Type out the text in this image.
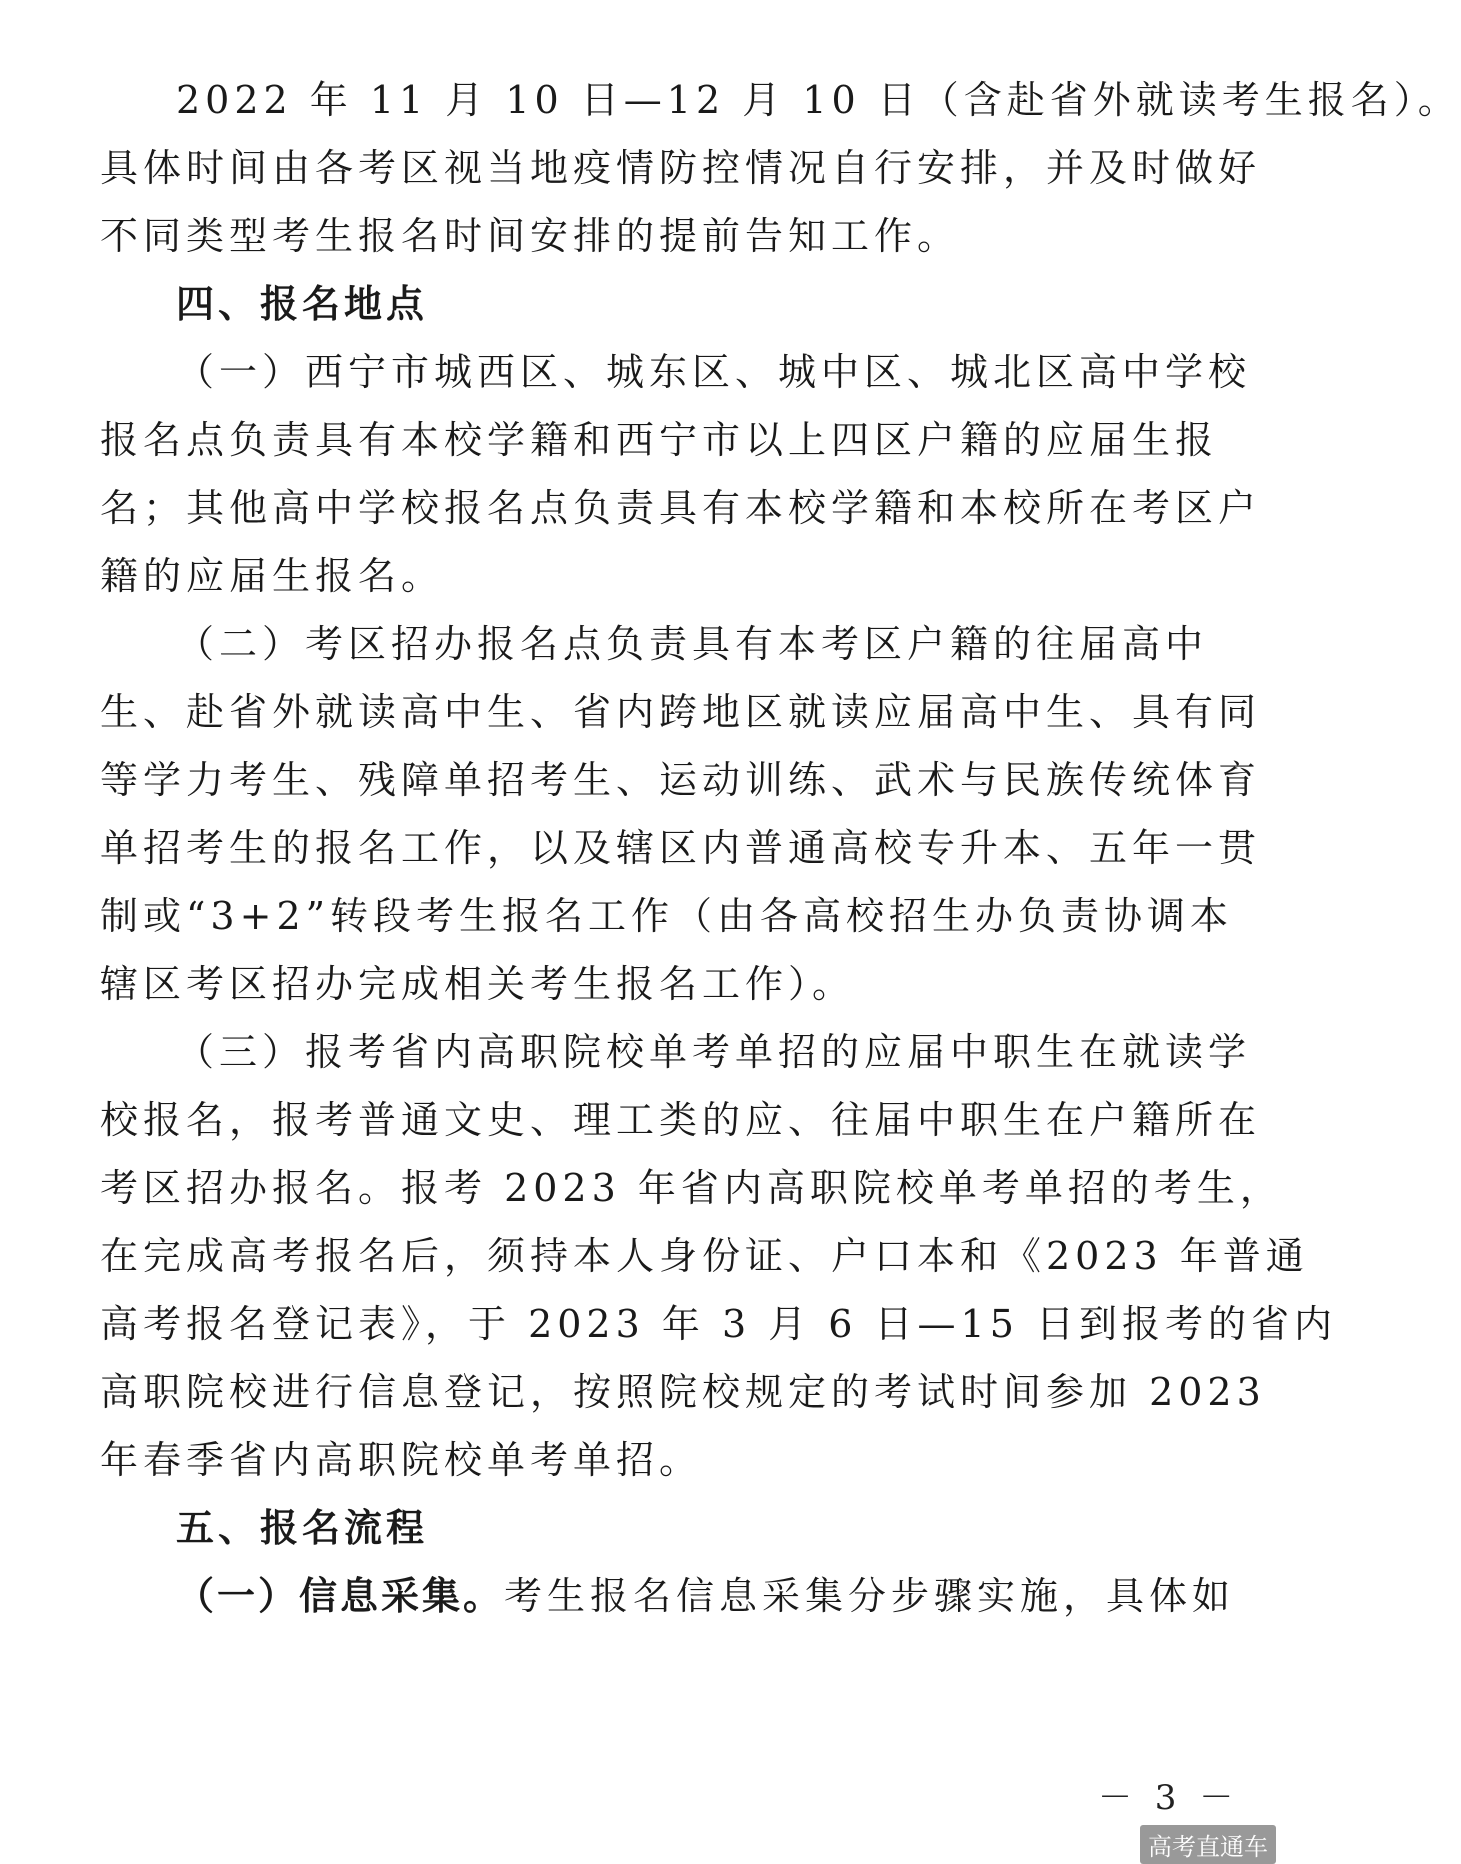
2022 年 11 月 10 日—12 月 10 日（含赴省外就读考生报名）。
具体时间由各考区视当地疫情防控情况自行安排，并及时做好
不同类型考生报名时间安排的提前告知工作。
四、报名地点
（一）西宁市城西区、城东区、城中区、城北区高中学校
报名点负责具有本校学籍和西宁市以上四区户籍的应届生报
名；其他高中学校报名点负责具有本校学籍和本校所在考区户
籍的应届生报名。
（二）考区招办报名点负责具有本考区户籍的往届高中
生、赴省外就读高中生、省内跨地区就读应届高中生、具有同
等学力考生、残障单招考生、运动训练、武术与民族传统体育
单招考生的报名工作，以及辖区内普通高校专升本、五年一贯
制或“3+2”转段考生报名工作（由各高校招生办负责协调本
辖区考区招办完成相关考生报名工作）。
（三）报考省内高职院校单考单招的应届中职生在就读学
校报名，报考普通文史、理工类的应、往届中职生在户籍所在
考区招办报名。报考 2023 年省内高职院校单考单招的考生，
在完成高考报名后，须持本人身份证、户口本和《2023 年普通
高考报名登记表》，于 2023 年 3 月 6 日—15 日到报考的省内
高职院校进行信息登记，按照院校规定的考试时间参加 2023
年春季省内高职院校单考单招。
五、报名流程
（一）信息采集。考生报名信息采集分步骤实施，具体如
－ 3 －
高考直通车
